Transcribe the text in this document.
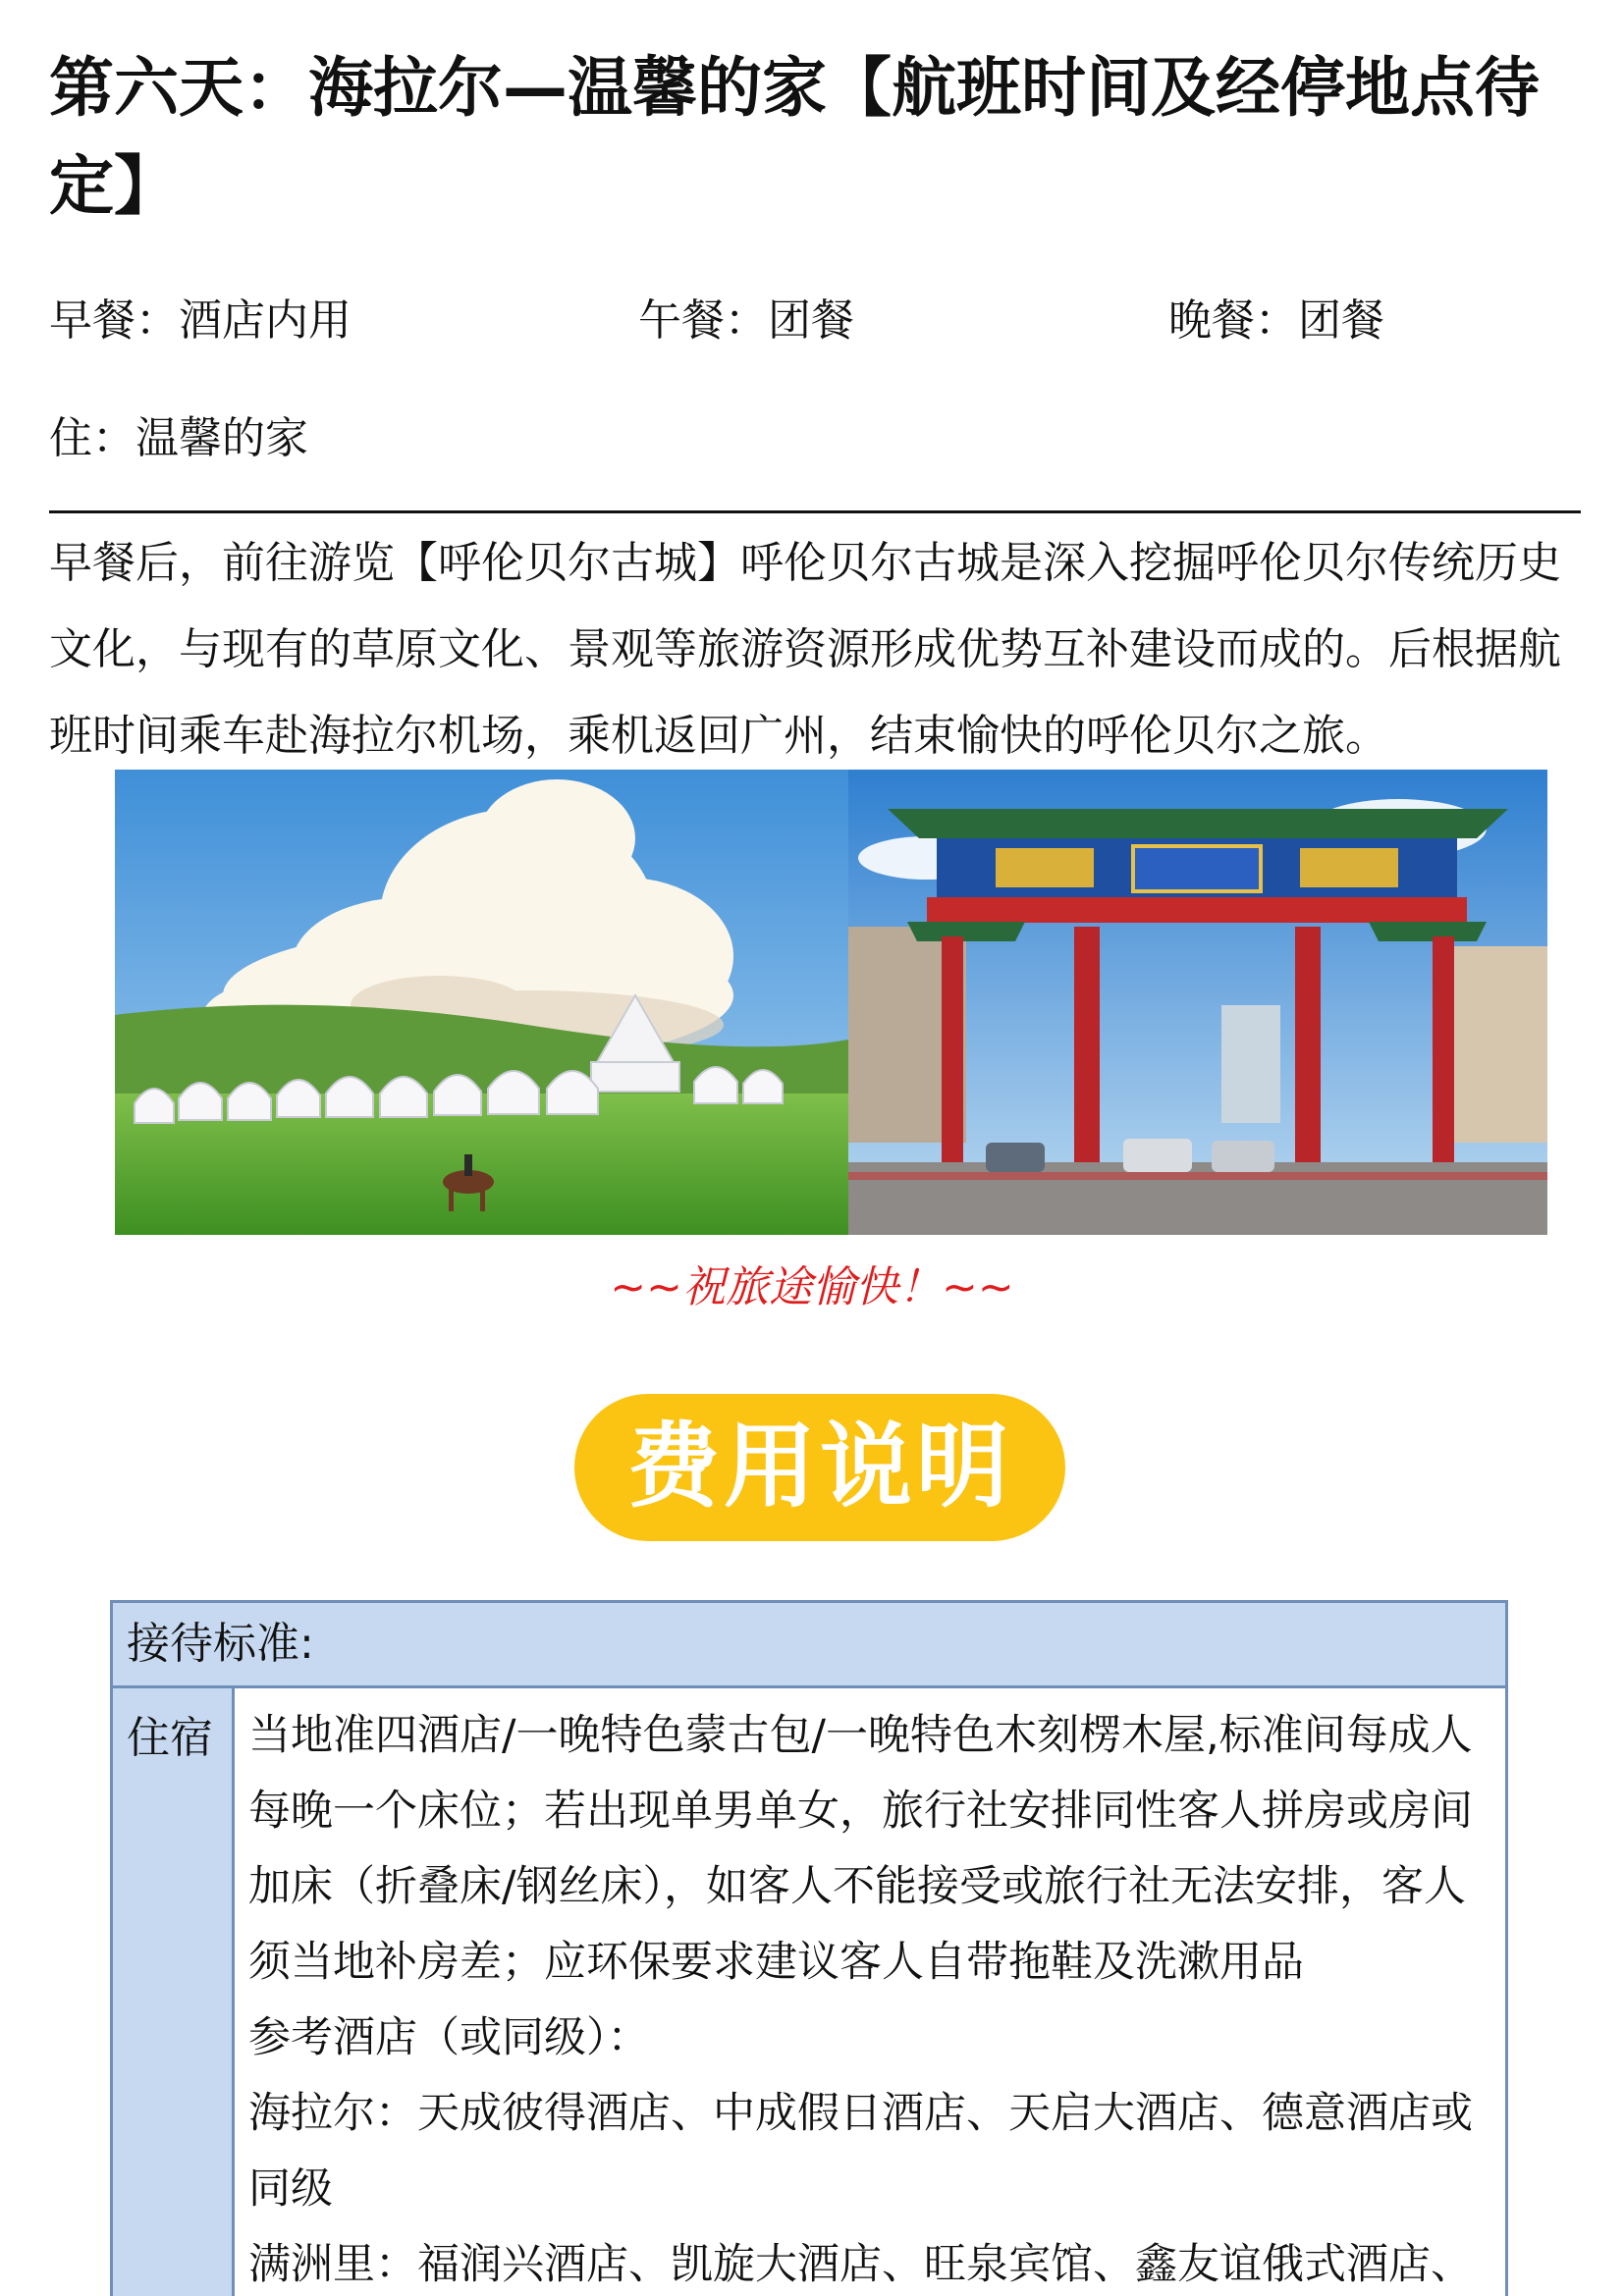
第六天：海拉尔—温馨的家【航班时间及经停地点待定】
早餐：酒店内用	午餐：团餐	晚餐：团餐
住：温馨的家

早餐后，前往游览【呼伦贝尔古城】呼伦贝尔古城是深入挖掘呼伦贝尔传统历史文化，与现有的草原文化、景观等旅游资源形成优势互补建设而成的。后根据航班时间乘车赴海拉尔机场，乘机返回广州，结束愉快的呼伦贝尔之旅。

~~祝旅途愉快！~~
费用说明
接待标准:
住宿 当地准四酒店/一晚特色蒙古包/一晚特色木刻楞木屋,标准间每成人每晚一个床位；若出现单男单女，旅行社安排同性客人拼房或房间加床（折叠床/钢丝床），如客人不能接受或旅行社无法安排，客人须当地补房差；应环保要求建议客人自带拖鞋及洗漱用品

参考酒店（或同级）：

海拉尔：天成彼得酒店、中成假日酒店、天启大酒店、德意酒店或同级

满洲里：福润兴酒店、凯旋大酒店、旺泉宾馆、鑫友谊俄式酒店、
